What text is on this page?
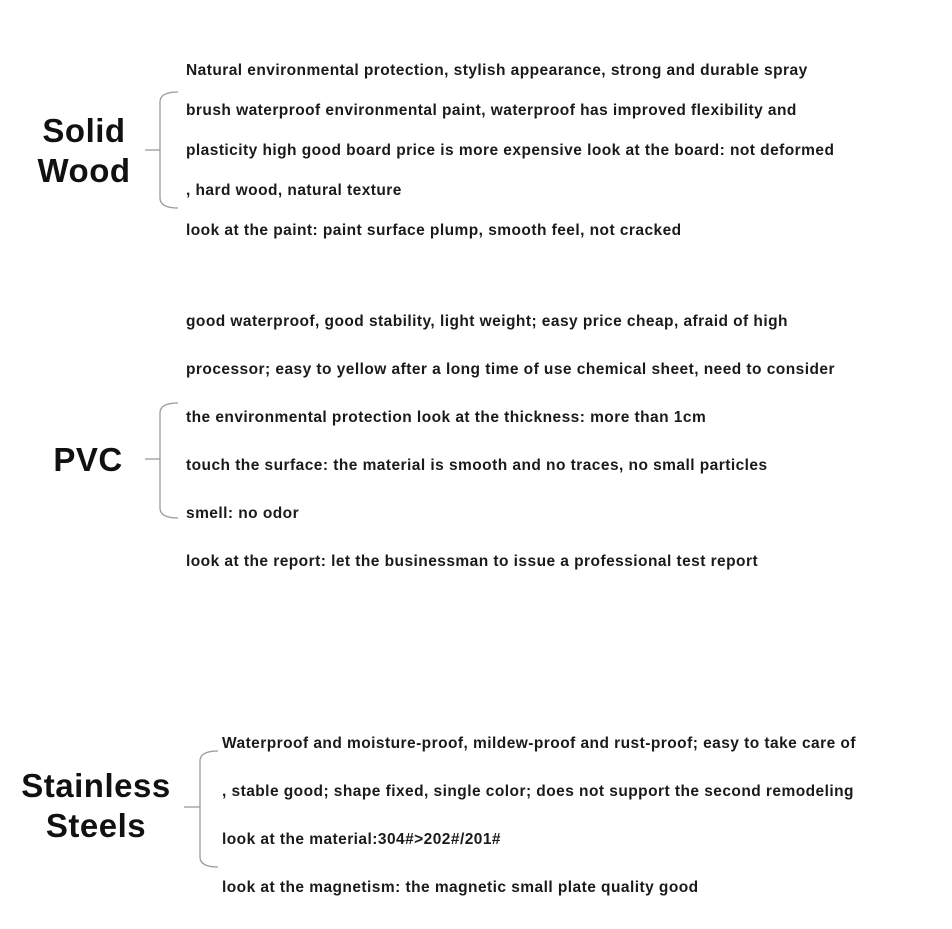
Solid
Wood
Natural environmental protection, stylish appearance, strong and durable spray
brush waterproof environmental paint, waterproof has improved flexibility and
plasticity high good board price is more expensive look at the board: not deformed
, hard wood, natural texture
look at the paint: paint surface plump, smooth feel, not cracked
PVC
good waterproof, good stability, light weight; easy price cheap, afraid of high
processor; easy to yellow after a long time of use chemical sheet, need to consider
the environmental protection look at the thickness: more than 1cm
touch the surface: the material is smooth and no traces, no small particles
smell: no odor
look at the report: let the businessman to issue a professional test report
Stainless
Steels
Waterproof and moisture-proof, mildew-proof and rust-proof; easy to take care of
, stable good; shape fixed, single color; does not support the second remodeling
look at the material:304#>202#/201#
look at the magnetism: the magnetic small plate quality good
